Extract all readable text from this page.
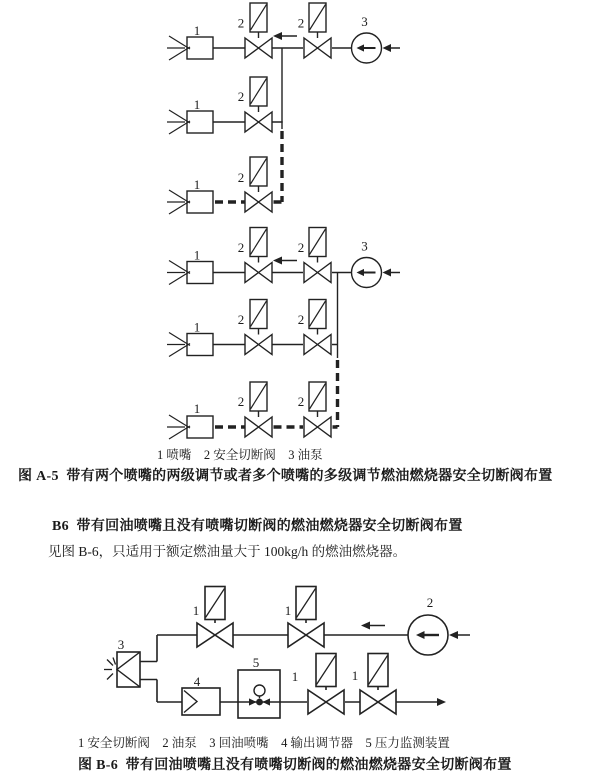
1	2	2	3
1
2
1	2
1	2	2	3
1	2	2
1	2	2
3
1	1
2
4
5
1	1
1 喷嘴    2 安全切断阀    3 油泵
图 A-5  带有两个喷嘴的两级调节或者多个喷嘴的多级调节燃油燃烧器安全切断阀布置
B6  带有回油喷嘴且没有喷嘴切断阀的燃油燃烧器安全切断阀布置
见图 B-6，只适用于额定燃油量大于 100kg/h 的燃油燃烧器。
1 安全切断阀    2 油泵    3 回油喷嘴    4 输出调节器    5 压力监测装置
图 B-6  带有回油喷嘴且没有喷嘴切断阀的燃油燃烧器安全切断阀布置
